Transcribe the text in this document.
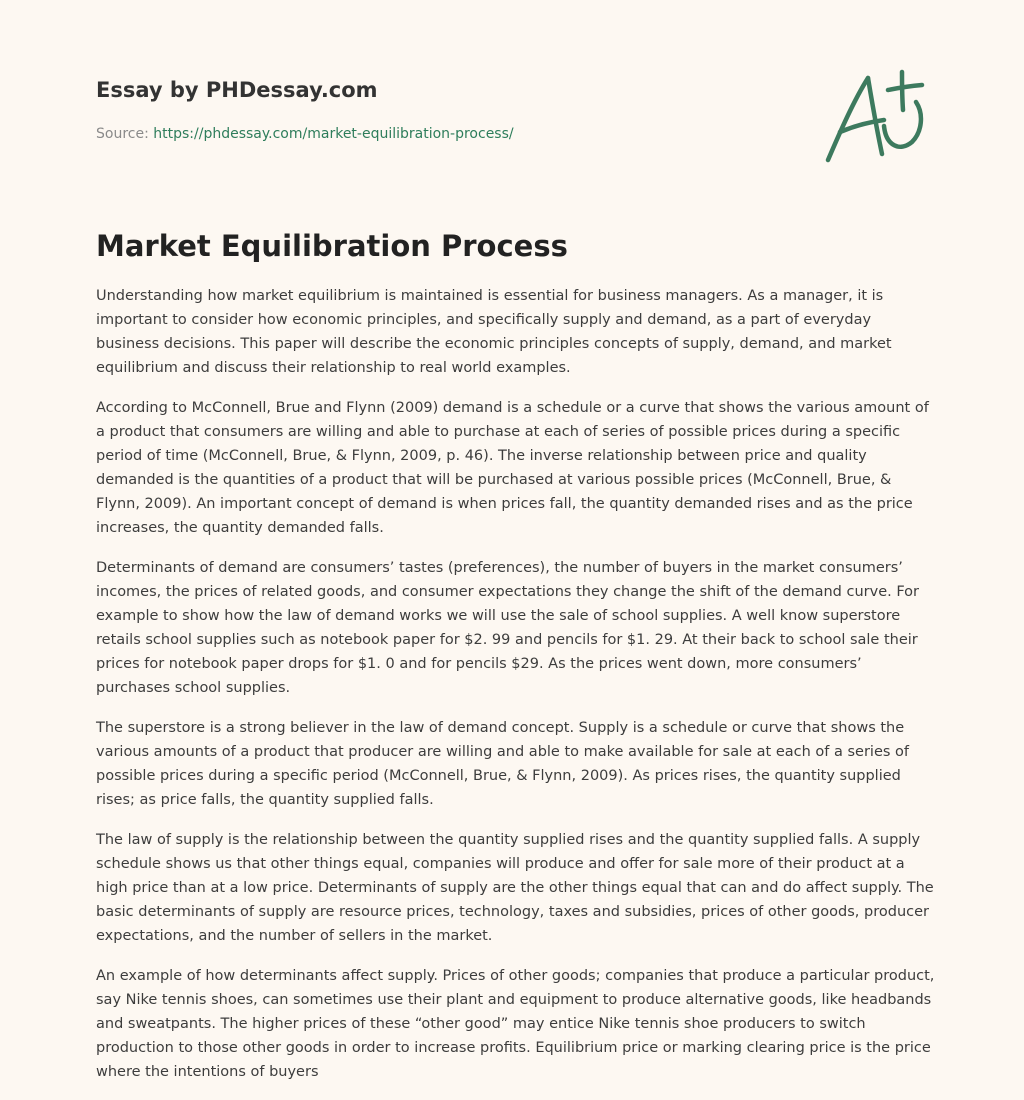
Essay by PHDessay.com
Source: https://phdessay.com/market-equilibration-process/
Market Equilibration Process

Understanding how market equilibrium is maintained is essential for business managers. As a manager, it is important to consider how economic principles, and specifically supply and demand, as a part of everyday business decisions. This paper will describe the economic principles concepts of supply, demand, and market equilibrium and discuss their relationship to real world examples.

According to McConnell, Brue and Flynn (2009) demand is a schedule or a curve that shows the various amount of a product that consumers are willing and able to purchase at each of series of possible prices during a specific period of time (McConnell, Brue, & Flynn, 2009, p. 46). The inverse relationship between price and quality demanded is the quantities of a product that will be purchased at various possible prices (McConnell, Brue, & Flynn, 2009). An important concept of demand is when prices fall, the quantity demanded rises and as the price increases, the quantity demanded falls.

Determinants of demand are consumers’ tastes (preferences), the number of buyers in the market consumers’ incomes, the prices of related goods, and consumer expectations they change the shift of the demand curve. For example to show how the law of demand works we will use the sale of school supplies. A well know superstore retails school supplies such as notebook paper for $2. 99 and pencils for $1. 29. At their back to school sale their prices for notebook paper drops for $1. 0 and for pencils $29. As the prices went down, more consumers’ purchases school supplies.

The superstore is a strong believer in the law of demand concept. Supply is a schedule or curve that shows the various amounts of a product that producer are willing and able to make available for sale at each of a series of possible prices during a specific period (McConnell, Brue, & Flynn, 2009). As prices rises, the quantity supplied rises; as price falls, the quantity supplied falls.

The law of supply is the relationship between the quantity supplied rises and the quantity supplied falls. A supply schedule shows us that other things equal, companies will produce and offer for sale more of their product at a high price than at a low price. Determinants of supply are the other things equal that can and do affect supply. The basic determinants of supply are resource prices, technology, taxes and subsidies, prices of other goods, producer expectations, and the number of sellers in the market.

An example of how determinants affect supply. Prices of other goods; companies that produce a particular product, say Nike tennis shoes, can sometimes use their plant and equipment to produce alternative goods, like headbands and sweatpants. The higher prices of these “other good” may entice Nike tennis shoe producers to switch production to those other goods in order to increase profits. Equilibrium price or marking clearing price is the price where the intentions of buyers
